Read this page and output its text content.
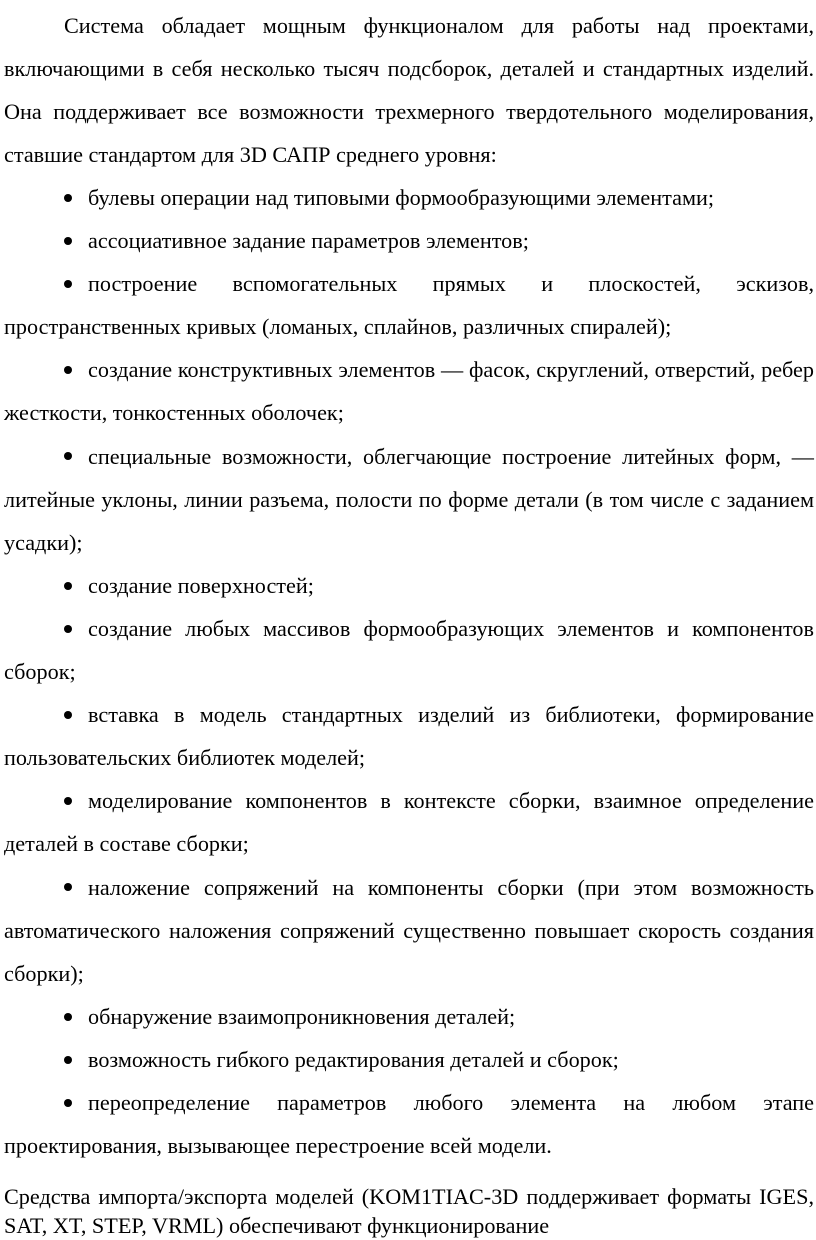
Система обладает мощным функционалом для работы над проектами, включающими в себя несколько тысяч подсборок, деталей и стандартных изделий. Она поддерживает все возможности трехмерного твердотельного моделирования, ставшие стандартом для 3D САПР среднего уровня:

булевы операции над типовыми формообразующими элементами;
ассоциативное задание параметров элементов;
построение вспомогательных прямых и плоскостей, эскизов, пространственных кривых (ломаных, сплайнов, различных спиралей);
создание конструктивных элементов — фасок, скруглений, отверстий, ребер жесткости, тонкостенных оболочек;
специальные возможности, облегчающие построение литейных форм, — литейные уклоны, линии разъема, полости по форме детали (в том числе с заданием усадки);
создание поверхностей;
создание любых массивов формообразующих элементов и компонентов сборок;
вставка в модель стандартных изделий из библиотеки, формирование пользовательских библиотек моделей;
моделирование компонентов в контексте сборки, взаимное определение деталей в составе сборки;
наложение сопряжений на компоненты сборки (при этом возможность автоматического наложения сопряжений существенно повышает скорость создания сборки);
обнаружение взаимопроникновения деталей;
возможность гибкого редактирования деталей и сборок;
переопределение параметров любого элемента на любом этапе проектирования, вызывающее перестроение всей модели.

Средства импорта/экспорта моделей (KOM1TIAC-3D поддерживает форматы IGES, SAT, XT, STEP, VRML) обеспечивают функционирование
